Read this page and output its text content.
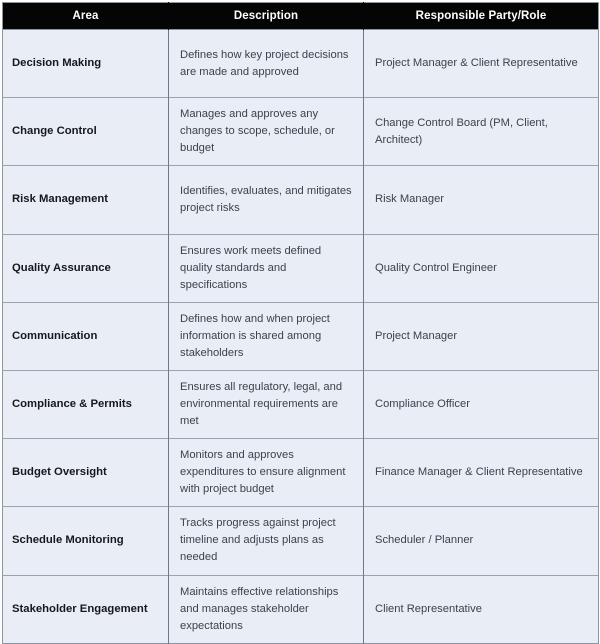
Area	Description	Responsible Party/Role
Decision Making	Defines how key project decisions are made and approved	Project Manager & Client Representative
Change Control	Manages and approves any changes to scope, schedule, or budget	Change Control Board (PM, Client, Architect)
Risk Management	Identifies, evaluates, and mitigates project risks	Risk Manager
Quality Assurance	Ensures work meets defined quality standards and specifications	Quality Control Engineer
Communication	Defines how and when project information is shared among stakeholders	Project Manager
Compliance & Permits	Ensures all regulatory, legal, and environmental requirements are met	Compliance Officer
Budget Oversight	Monitors and approves expenditures to ensure alignment with project budget	Finance Manager & Client Representative
Schedule Monitoring	Tracks progress against project timeline and adjusts plans as needed	Scheduler / Planner
Stakeholder Engagement	Maintains effective relationships and manages stakeholder expectations	Client Representative
